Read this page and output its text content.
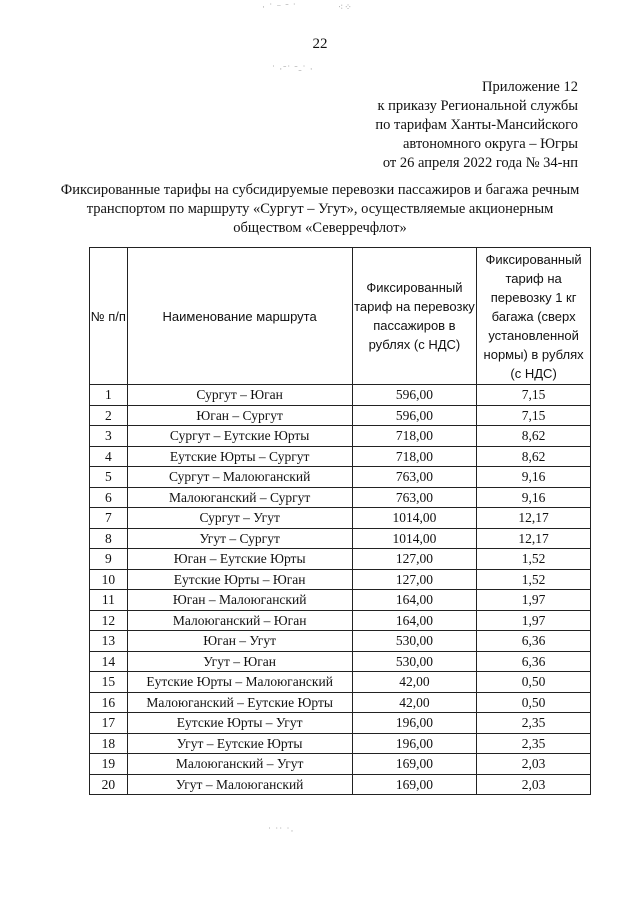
· ˙ ⁻ ˉ ˙	⁖⁘
˙ ·ˉ˙ ˉ˗˙ ·
˙ ˙˙ ˙·
22
Приложение 12
к приказу Региональной службы
по тарифам Ханты-Мансийского
автономного округа – Югры
от 26 апреля 2022 года № 34-нп
Фиксированные тарифы на субсидируемые перевозки пассажиров и багажа речным транспортом по маршруту «Сургут – Угут», осуществляемые акционерным обществом «Северречфлот»
№ п/п	Наименование маршрута	Фиксированный тариф на перевозку пассажиров в рублях (с НДС)	Фиксированный тариф на перевозку 1 кг багажа (сверх установленной нормы) в рублях (с НДС)
1	Сургут – Юган	596,00	7,15
2	Юган – Сургут	596,00	7,15
3	Сургут – Еутские Юрты	718,00	8,62
4	Еутские Юрты – Сургут	718,00	8,62
5	Сургут – Малоюганский	763,00	9,16
6	Малоюганский – Сургут	763,00	9,16
7	Сургут – Угут	1014,00	12,17
8	Угут – Сургут	1014,00	12,17
9	Юган – Еутские Юрты	127,00	1,52
10	Еутские Юрты – Юган	127,00	1,52
11	Юган – Малоюганский	164,00	1,97
12	Малоюганский – Юган	164,00	1,97
13	Юган – Угут	530,00	6,36
14	Угут – Юган	530,00	6,36
15	Еутские Юрты – Малоюганский	42,00	0,50
16	Малоюганский – Еутские Юрты	42,00	0,50
17	Еутские Юрты – Угут	196,00	2,35
18	Угут – Еутские Юрты	196,00	2,35
19	Малоюганский – Угут	169,00	2,03
20	Угут – Малоюганский	169,00	2,03
